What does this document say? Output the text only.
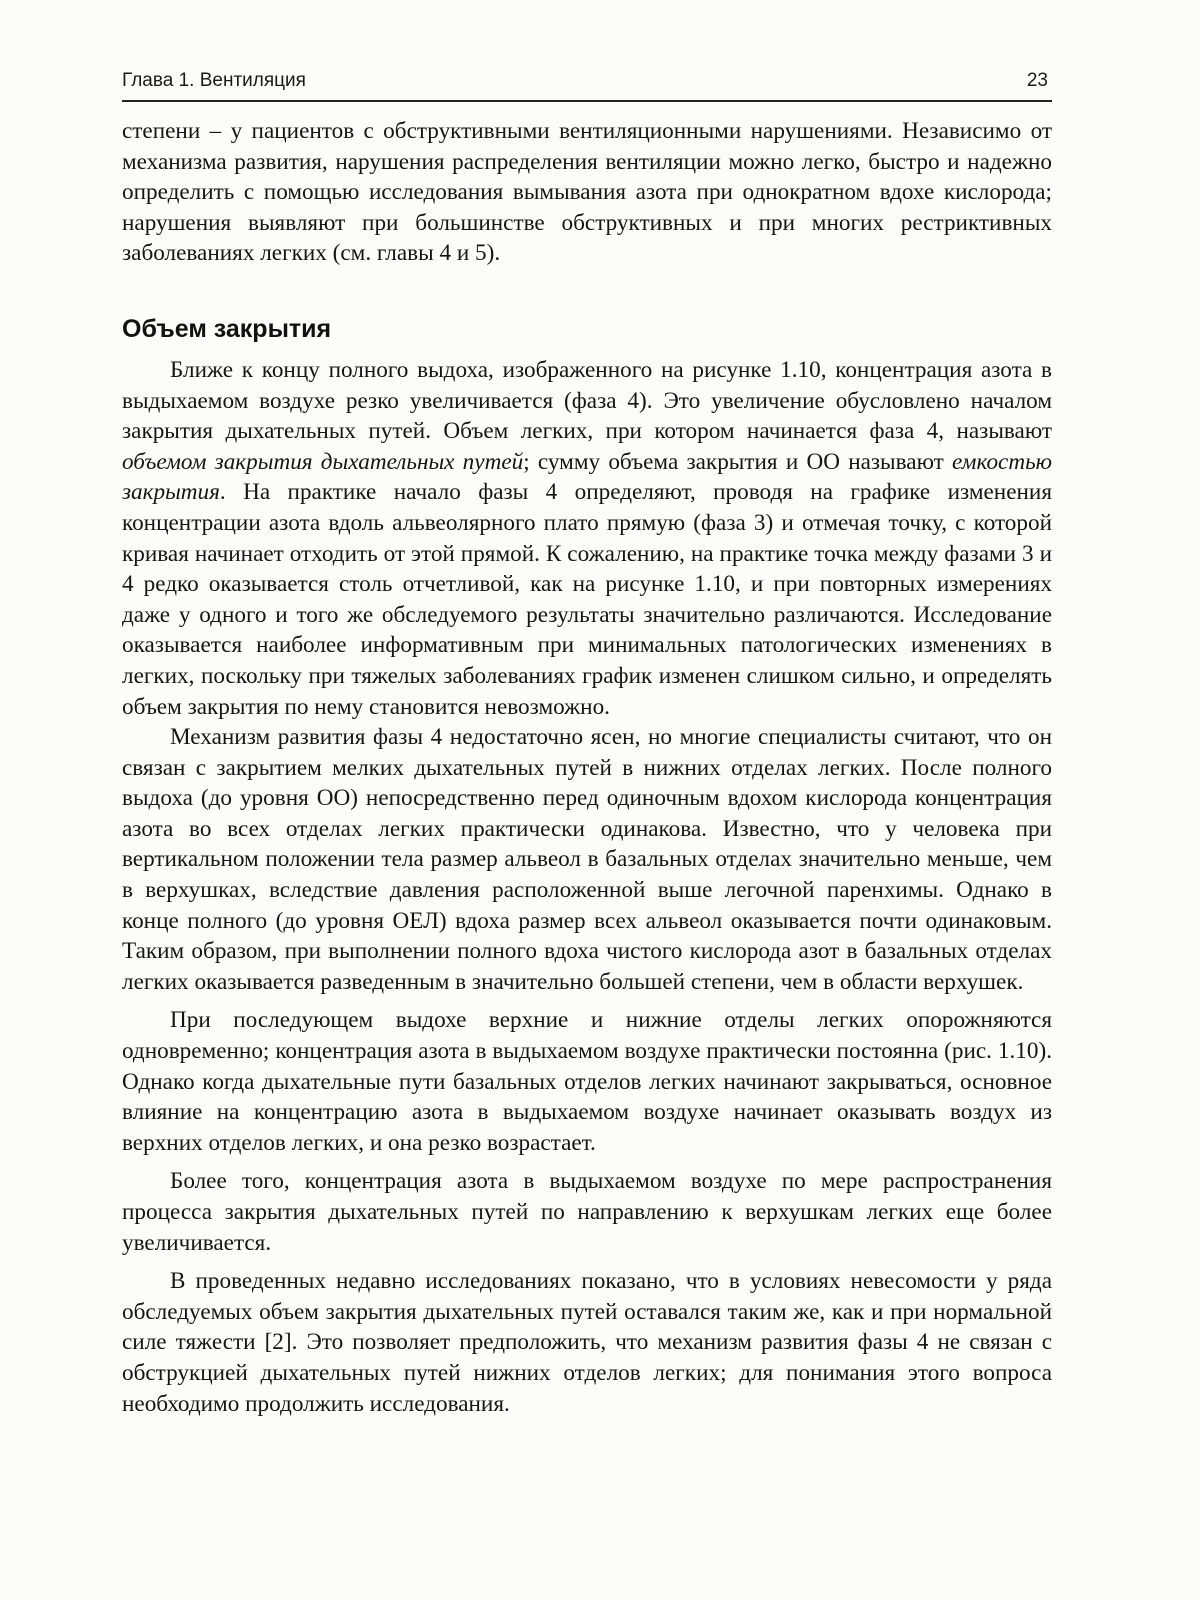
Глава 1. Вентиляция	23

степени – у пациентов с обструктивными вентиляционными нарушениями. Независимо от механизма развития, нарушения распределения вентиляции можно легко, быстро и надежно определить с помощью исследования вымывания азота при однократном вдохе кислорода; нарушения выявляют при большинстве обструктивных и при многих рестриктивных заболеваниях легких (см. главы 4 и 5).

Объем закрытия

Ближе к концу полного выдоха, изображенного на рисунке 1.10, концентрация азота в выдыхаемом воздухе резко увеличивается (фаза 4). Это увеличение обусловлено началом закрытия дыхательных путей. Объем легких, при котором начинается фаза 4, называют объемом закрытия дыхательных путей; сумму объема закрытия и ОО называют емкостью закрытия. На практике начало фазы 4 определяют, проводя на графике изменения концентрации азота вдоль альвеолярного плато прямую (фаза 3) и отмечая точку, с которой кривая начинает отходить от этой прямой. К сожалению, на практике точка между фазами 3 и 4 редко оказывается столь отчетливой, как на рисунке 1.10, и при повторных измерениях даже у одного и того же обследуемого результаты значительно различаются. Исследование оказывается наиболее информативным при минимальных патологических изменениях в легких, поскольку при тяжелых заболеваниях график изменен слишком сильно, и определять объем закрытия по нему становится невозможно.

Механизм развития фазы 4 недостаточно ясен, но многие специалисты считают, что он связан с закрытием мелких дыхательных путей в нижних отделах легких. После полного выдоха (до уровня ОО) непосредственно перед одиночным вдохом кислорода концентрация азота во всех отделах легких практически одинакова. Известно, что у человека при вертикальном положении тела размер альвеол в базальных отделах значительно меньше, чем в верхушках, вследствие давления расположенной выше легочной паренхимы. Однако в конце полного (до уровня ОЕЛ) вдоха размер всех альвеол оказывается почти одинаковым. Таким образом, при выполнении полного вдоха чистого кислорода азот в базальных отделах легких оказывается разведенным в значительно большей степени, чем в области верхушек.

При последующем выдохе верхние и нижние отделы легких опорожняются одновременно; концентрация азота в выдыхаемом воздухе практически постоянна (рис. 1.10). Однако когда дыхательные пути базальных отделов легких начинают закрываться, основное влияние на концентрацию азота в выдыхаемом воздухе начинает оказывать воздух из верхних отделов легких, и она резко возрастает.

Более того, концентрация азота в выдыхаемом воздухе по мере распространения процесса закрытия дыхательных путей по направлению к верхушкам легких еще более увеличивается.

В проведенных недавно исследованиях показано, что в условиях невесомости у ряда обследуемых объем закрытия дыхательных путей оставался таким же, как и при нормальной силе тяжести [2]. Это позволяет предположить, что механизм развития фазы 4 не связан с обструкцией дыхательных путей нижних отделов легких; для понимания этого вопроса необходимо продолжить исследования.
